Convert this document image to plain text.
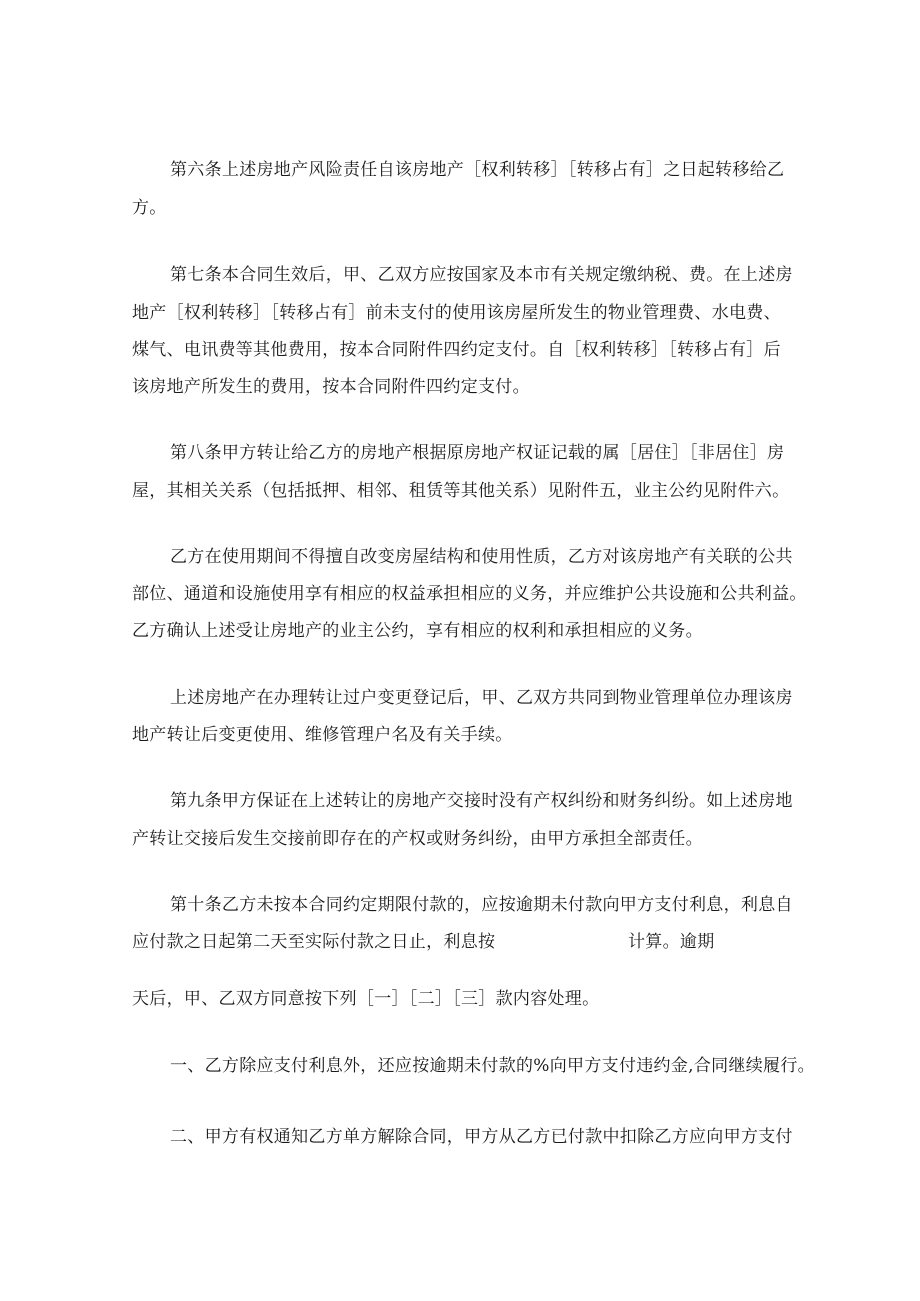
第六条上述房地产风险责任自该房地产［权利转移］［转移占有］之日起转移给乙
方。
第七条本合同生效后，甲、乙双方应按国家及本市有关规定缴纳税、费。在上述房
地产［权利转移］［转移占有］前未支付的使用该房屋所发生的物业管理费、水电费、
煤气、电讯费等其他费用，按本合同附件四约定支付。自［权利转移］［转移占有］后
该房地产所发生的费用，按本合同附件四约定支付。
第八条甲方转让给乙方的房地产根据原房地产权证记载的属［居住］［非居住］房
屋，其相关关系（包括抵押、相邻、租赁等其他关系）见附件五，业主公约见附件六。
乙方在使用期间不得擅自改变房屋结构和使用性质，乙方对该房地产有关联的公共
部位、通道和设施使用享有相应的权益承担相应的义务，并应维护公共设施和公共利益。
乙方确认上述受让房地产的业主公约，享有相应的权利和承担相应的义务。
上述房地产在办理转让过户变更登记后，甲、乙双方共同到物业管理单位办理该房
地产转让后变更使用、维修管理户名及有关手续。
第九条甲方保证在上述转让的房地产交接时没有产权纠纷和财务纠纷。如上述房地
产转让交接后发生交接前即存在的产权或财务纠纷，由甲方承担全部责任。
第十条乙方未按本合同约定期限付款的，应按逾期未付款向甲方支付利息，利息自
应付款之日起第二天至实际付款之日止，利息按	计算。逾期
天后，甲、乙双方同意按下列［一］［二］［三］款内容处理。
一、乙方除应支付利息外，还应按逾期未付款的%向甲方支付违约金,合同继续履行。
二、甲方有权通知乙方单方解除合同，甲方从乙方已付款中扣除乙方应向甲方支付
